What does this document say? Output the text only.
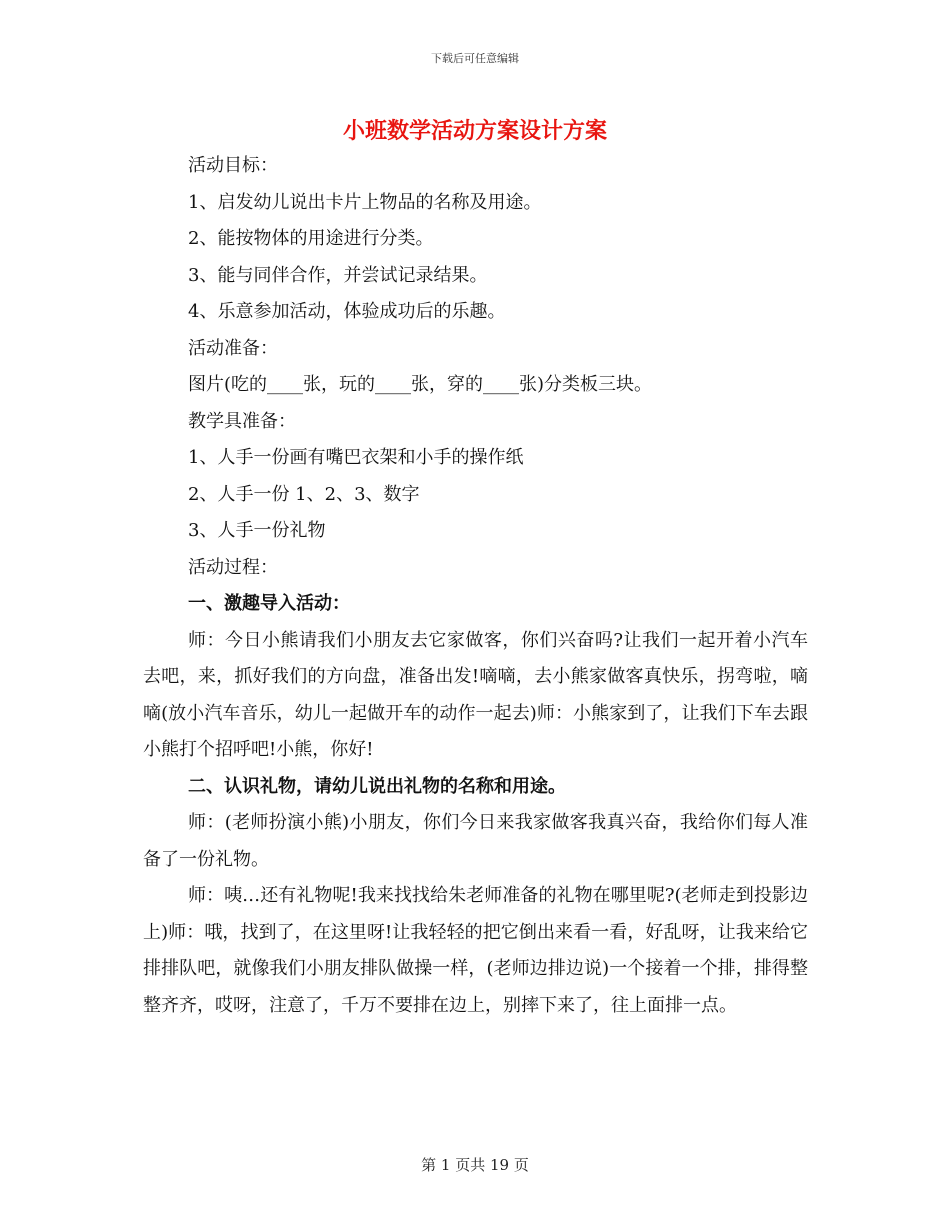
下载后可任意编辑
小班数学活动方案设计方案
活动目标：
1、启发幼儿说出卡片上物品的名称及用途。
2、能按物体的用途进行分类。
3、能与同伴合作，并尝试记录结果。
4、乐意参加活动，体验成功后的乐趣。
活动准备：
图片(吃的____张，玩的____张，穿的____张)分类板三块。
教学具准备：
1、人手一份画有嘴巴衣架和小手的操作纸
2、人手一份 1、2、3、数字
3、人手一份礼物
活动过程：
一、激趣导入活动：
师：今日小熊请我们小朋友去它家做客，你们兴奋吗?让我们一起开着小汽车去吧，来，抓好我们的方向盘，准备出发!嘀嘀，去小熊家做客真快乐，拐弯啦，嘀嘀(放小汽车音乐，幼儿一起做开车的动作一起去)师：小熊家到了，让我们下车去跟小熊打个招呼吧!小熊，你好!
二、认识礼物，请幼儿说出礼物的名称和用途。
师：(老师扮演小熊)小朋友，你们今日来我家做客我真兴奋，我给你们每人准备了一份礼物。
师：咦…还有礼物呢!我来找找给朱老师准备的礼物在哪里呢?(老师走到投影边上)师：哦，找到了，在这里呀!让我轻轻的把它倒出来看一看，好乱呀，让我来给它排排队吧，就像我们小朋友排队做操一样，(老师边排边说)一个接着一个排，排得整整齐齐，哎呀，注意了，千万不要排在边上，别摔下来了，往上面排一点。
第 1 页共 19 页
